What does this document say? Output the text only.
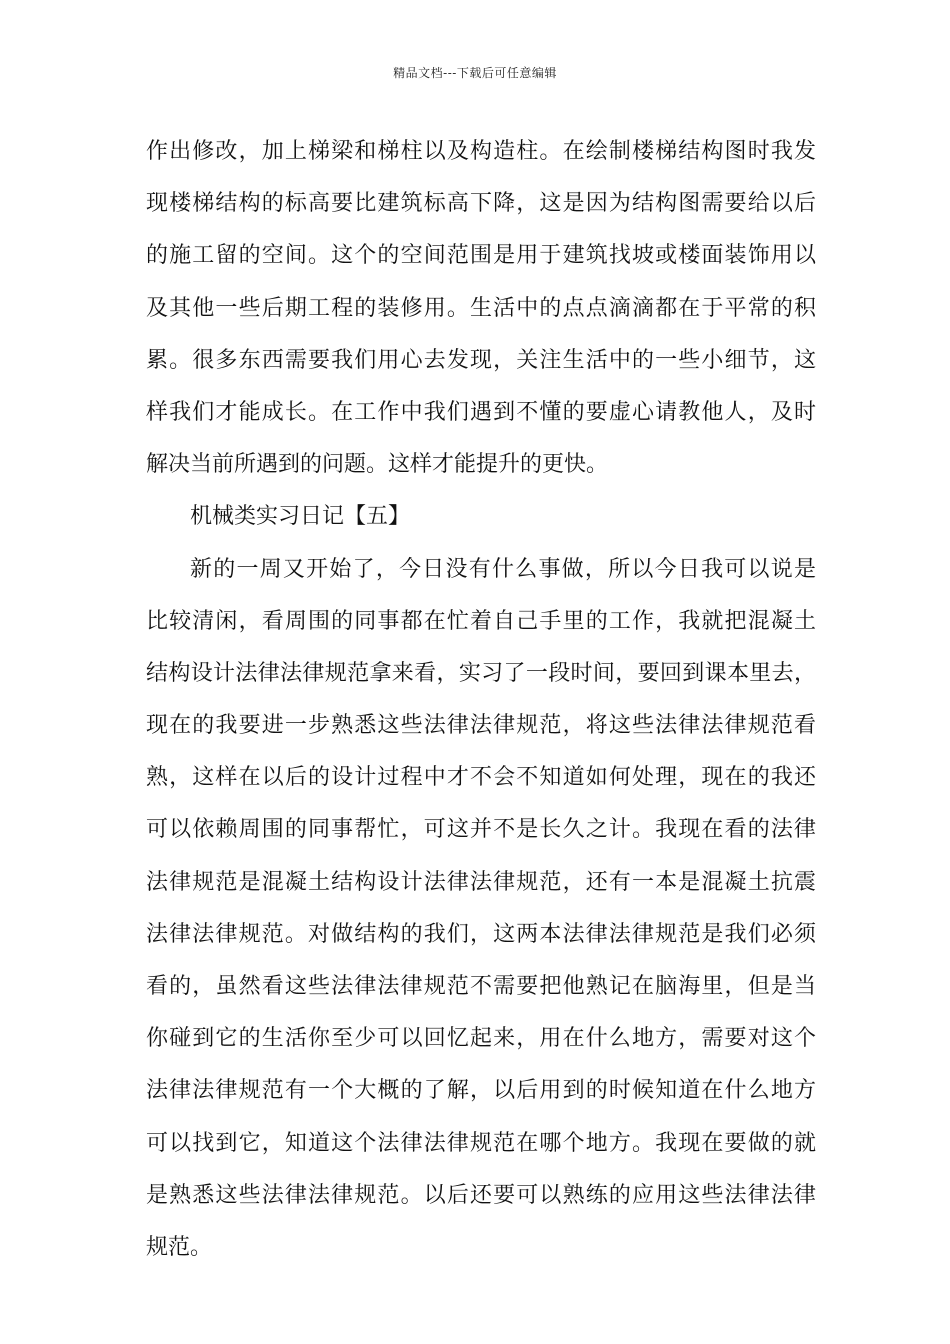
精品文档---下载后可任意编辑
作出修改，加上梯梁和梯柱以及构造柱。在绘制楼梯结构图时我发
现楼梯结构的标高要比建筑标高下降，这是因为结构图需要给以后
的施工留的空间。这个的空间范围是用于建筑找坡或楼面装饰用以
及其他一些后期工程的装修用。生活中的点点滴滴都在于平常的积
累。很多东西需要我们用心去发现，关注生活中的一些小细节，这
样我们才能成长。在工作中我们遇到不懂的要虚心请教他人，及时
解决当前所遇到的问题。这样才能提升的更快。
机械类实习日记【五】
新的一周又开始了，今日没有什么事做，所以今日我可以说是
比较清闲，看周围的同事都在忙着自己手里的工作，我就把混凝土
结构设计法律法律规范拿来看，实习了一段时间，要回到课本里去，
现在的我要进一步熟悉这些法律法律规范，将这些法律法律规范看
熟，这样在以后的设计过程中才不会不知道如何处理，现在的我还
可以依赖周围的同事帮忙，可这并不是长久之计。我现在看的法律
法律规范是混凝土结构设计法律法律规范，还有一本是混凝土抗震
法律法律规范。对做结构的我们，这两本法律法律规范是我们必须
看的，虽然看这些法律法律规范不需要把他熟记在脑海里，但是当
你碰到它的生活你至少可以回忆起来，用在什么地方，需要对这个
法律法律规范有一个大概的了解，以后用到的时候知道在什么地方
可以找到它，知道这个法律法律规范在哪个地方。我现在要做的就
是熟悉这些法律法律规范。以后还要可以熟练的应用这些法律法律
规范。
